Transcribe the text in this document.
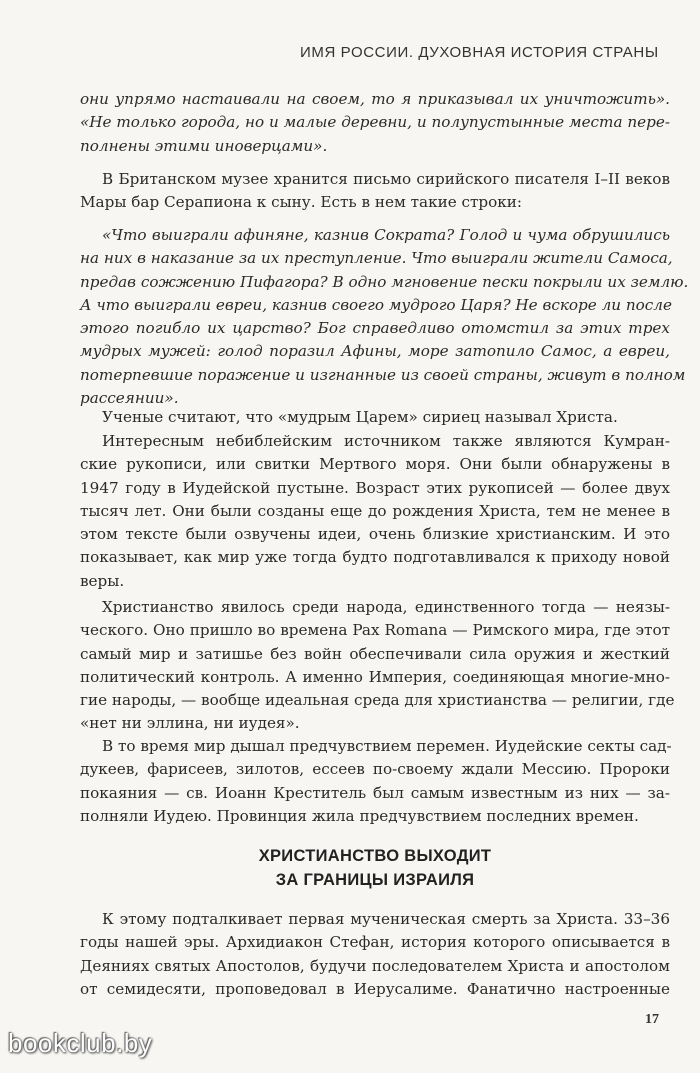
ИМЯ РОССИИ. ДУХОВНАЯ ИСТОРИЯ СТРАНЫ
они упрямо настаивали на своем, то я приказывал их уничтожить».
«Не только города, но и малые деревни, и полупустынные места пере-
полнены этими иноверцами».
В Британском музее хранится письмо сирийского писателя I–II веков
Мары бар Серапиона к сыну. Есть в нем такие строки:
«Что выиграли афиняне, казнив Сократа? Голод и чума обрушились
на них в наказание за их преступление. Что выиграли жители Самоса,
предав сожжению Пифагора? В одно мгновение пески покрыли их землю.
А что выиграли евреи, казнив своего мудрого Царя? Не вскоре ли после
этого погибло их царство? Бог справедливо отомстил за этих трех
мудрых мужей: голод поразил Афины, море затопило Самос, а евреи,
потерпевшие поражение и изгнанные из своей страны, живут в полном
рассеянии».
Ученые считают, что «мудрым Царем» сириец называл Христа.
Интересным небиблейским источником также являются Кумран-
ские рукописи, или свитки Мертвого моря. Они были обнаружены в
1947 году в Иудейской пустыне. Возраст этих рукописей — более двух
тысяч лет. Они были созданы еще до рождения Христа, тем не менее в
этом тексте были озвучены идеи, очень близкие христианским. И это
показывает, как мир уже тогда будто подготавливался к приходу новой
веры.
Христианство явилось среди народа, единственного тогда — неязы-
ческого. Оно пришло во времена Pax Romana — Римского мира, где этот
самый мир и затишье без войн обеспечивали сила оружия и жесткий
политический контроль. А именно Империя, соединяющая многие-мно-
гие народы, — вообще идеальная среда для христианства — религии, где
«нет ни эллина, ни иудея».
В то время мир дышал предчувствием перемен. Иудейские секты сад-
дукеев, фарисеев, зилотов, ессеев по-своему ждали Мессию. Пророки
покаяния — св. Иоанн Креститель был самым известным из них — за-
полняли Иудею. Провинция жила предчувствием последних времен.
ХРИСТИАНСТВО ВЫХОДИТ
ЗА ГРАНИЦЫ ИЗРАИЛЯ
К этому подталкивает первая мученическая смерть за Христа. 33–36
годы нашей эры. Архидиакон Стефан, история которого описывается в
Деяниях святых Апостолов, будучи последователем Христа и апостолом
от семидесяти, проповедовал в Иерусалиме. Фанатично настроенные
17
bookclub.by
